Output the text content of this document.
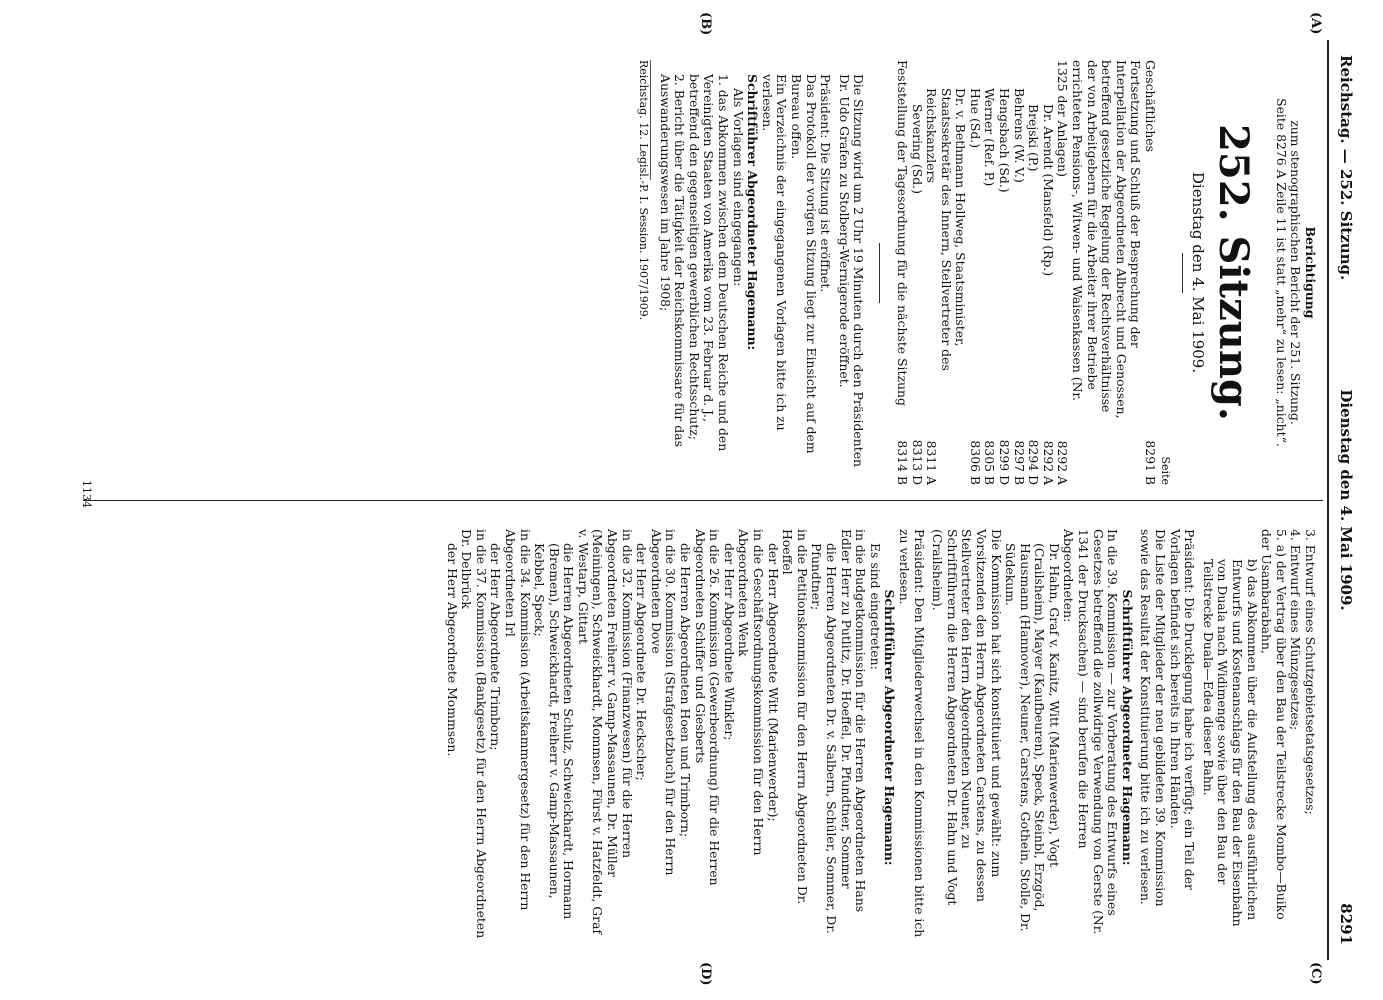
Reichstag. — 252. Sitzung.
Dienstag den 4. Mai 1909.
8291
(A)
(B)
(C)
(D)

Berichtigung

zum stenographischen Bericht der 251. Sitzung.

Seite 8276 A Zeile 11 ist statt „mehr“ zu lesen: „nicht“.

252. Sitzung.
Dienstag den 4. Mai 1909.

Seite

Geschäftliches
8291 B
Fortsetzung und Schluß der Besprechung der Interpellation der Abgeordneten Albrecht und Genossen, betreffend gesetzliche Regelung der Rechtsverhältnisse der von Arbeitgebern für die Arbeiter ihrer Betriebe errichteten Pensions-, Witwen- und Waisenkassen (Nr. 1325 der Anlagen)
8292 A
Dr. Arendt (Mansfeld) (Rp.)
8292 A
Brejski (P.)
8294 D
Behrens (W. V.)
8297 B
Hengsbach (Sd.)
8299 D
Werner (Ref. P.)
8305 B
Hue (Sd.)
8306 B
Dr. v. Bethmann Hollweg, Staatsminister, Staatssekretär des Innern, Stellvertreter des Reichskanzlers
8311 A
Severing (Sd.)
8313 D
Feststellung der Tagesordnung für die nächste Sitzung
8314 B

Die Sitzung wird um 2 Uhr 19 Minuten durch den Präsidenten Dr. Udo Grafen zu Stolberg-Wernigerode eröffnet.

Präsident: Die Sitzung ist eröffnet.

Das Protokoll der vorigen Sitzung liegt zur Einsicht auf dem Bureau offen.

Ein Verzeichnis der eingegangenen Vorlagen bitte ich zu verlesen.

Schriftführer Abgeordneter Hagemann:

Als Vorlagen sind eingegangen:

1. das Abkommen zwischen dem Deutschen Reiche und den Vereinigten Staaten von Amerika vom 23. Februar d. J., betreffend den gegenseitigen gewerblichen Rechtsschutz;

2. Bericht über die Tätigkeit der Reichskommissare für das Auswanderungswesen im Jahre 1908;

Reichstag. 12. Legisl.-P. I. Session. 1907/1909.

3. Entwurf eines Schutzgebietsetatsgesetzes;

4. Entwurf eines Münzgesetzes;

5. a) der Vertrag über den Bau der Teilstrecke Mombo—Buiko der Usambarabahn,

b) das Abkommen über die Aufstellung des ausführlichen Entwurfs und Kostenanschlags für den Bau der Eisenbahn von Duala nach Widimenge sowie über den Bau der Teilstrecke Duala—Edea dieser Bahn.

Präsident: Die Drucklegung habe ich verfügt; ein Teil der Vorlagen befindet sich bereits in Ihren Händen.

Die Liste der Mitglieder der neu gebildeten 39. Kommission sowie das Resultat der Konstituierung bitte ich zu verlesen.

Schriftführer Abgeordneter Hagemann:

In die 39. Kommission — zur Vorberatung des Entwurfs eines Gesetzes betreffend die zollwidrige Verwendung von Gerste (Nr. 1341 der Drucksachen) — sind berufen die Herren Abgeordneten:

Dr. Hahn, Graf v. Kanitz, Witt (Marienwerder), Vogt (Crailsheim), Mayer (Kaufbeuren), Speck, Steinbl, Erzgöd, Hausmann (Hannover), Neuner, Carstens, Gothein, Stolle, Dr. Südekum.

Die Kommission hat sich konstituiert und gewählt: zum Vorsitzenden den Herrn Abgeordneten Carstens, zu dessen Stellvertreter den Herrn Abgeordneten Neuner, zu Schriftführern die Herren Abgeordneten Dr. Hahn und Vogt (Crailsheim).

Präsident: Den Mitgliederwechsel in den Kommissionen bitte ich zu verlesen.

Schriftführer Abgeordneter Hagemann:

Es sind eingetreten:

in die Budgetkommission für die Herren Abgeordneten Hans Edler Herr zu Putlitz, Dr. Hoeffel, Dr. Pfundtner, Sommer

die Herren Abgeordneten Dr. v. Salbern, Schüler, Sommer, Dr. Pfundtner;

in die Petitionskommission für den Herrn Abgeordneten Dr. Hoeffel

der Herr Abgeordnete Witt (Marienwerder);

in die Geschäftsordnungskommission für den Herrn Abgeordneten Wenk

der Herr Abgeordnete Winkler;

in die 26. Kommission (Gewerbeordnung) für die Herren Abgeordneten Schiffer und Giesberts

die Herren Abgeordneten Hoen und Trimborn;

in die 30. Kommission (Strafgesetzbuch) für den Herrn Abgeordneten Dove

der Herr Abgeordnete Dr. Heckscher;

in die 32. Kommission (Finanzwesen) für die Herren Abgeordneten Freiherr v. Gamp-Massaunen, Dr. Müller (Meiningen), Schweickhardt, Mommsen, Fürst v. Hatzfeldt, Graf v. Westarp, Gittart

die Herren Abgeordneten Schulz, Schweickhardt, Hormann (Bremen), Schweickhardt, Freiherr v. Gamp-Massaunen, Kebbel, Speck;

in die 34. Kommission (Arbeitskammergesetz) für den Herrn Abgeordneten Irl

der Herr Abgeordnete Trimborn;

in die 37. Kommission (Bankgesetz) für den Herrn Abgeordneten Dr. Delbrück

der Herr Abgeordnete Mommsen.

1134
